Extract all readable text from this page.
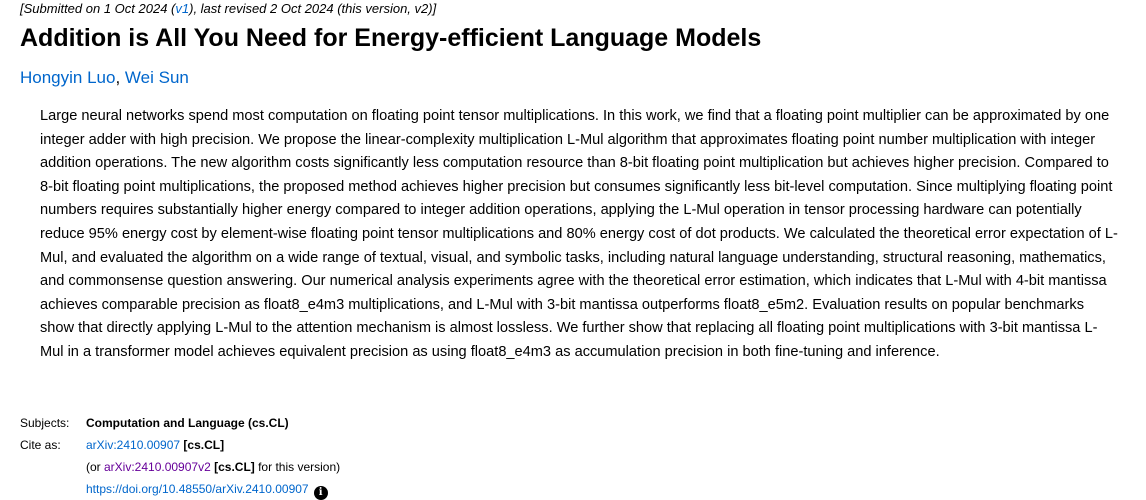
[Submitted on 1 Oct 2024 (v1), last revised 2 Oct 2024 (this version, v2)]
Addition is All You Need for Energy-efficient Language Models
Hongyin Luo, Wei Sun

Large neural networks spend most computation on floating point tensor multiplications. In this work, we find that a floating point multiplier can be approximated by one integer adder with high precision. We propose the linear-complexity multiplication L-Mul algorithm that approximates floating point number multiplication with integer addition operations. The new algorithm costs significantly less computation resource than 8-bit floating point multiplication but achieves higher precision. Compared to 8-bit floating point multiplications, the proposed method achieves higher precision but consumes significantly less bit-level computation. Since multiplying floating point numbers requires substantially higher energy compared to integer addition operations, applying the L-Mul operation in tensor processing hardware can potentially reduce 95% energy cost by element-wise floating point tensor multiplications and 80% energy cost of dot products. We calculated the theoretical error expectation of L-Mul, and evaluated the algorithm on a wide range of textual, visual, and symbolic tasks, including natural language understanding, structural reasoning, mathematics, and commonsense question answering. Our numerical analysis experiments agree with the theoretical error estimation, which indicates that L-Mul with 4-bit mantissa achieves comparable precision as float8_e4m3 multiplications, and L-Mul with 3-bit mantissa outperforms float8_e5m2. Evaluation results on popular benchmarks show that directly applying L-Mul to the attention mechanism is almost lossless. We further show that replacing all floating point multiplications with 3-bit mantissa L-Mul in a transformer model achieves equivalent precision as using float8_e4m3 as accumulation precision in both fine-tuning and inference.

Subjects:	Computation and Language (cs.CL)
Cite as:	arXiv:2410.00907 [cs.CL]
(or arXiv:2410.00907v2 [cs.CL] for this version)
https://doi.org/10.48550/arXiv.2410.00907 i
